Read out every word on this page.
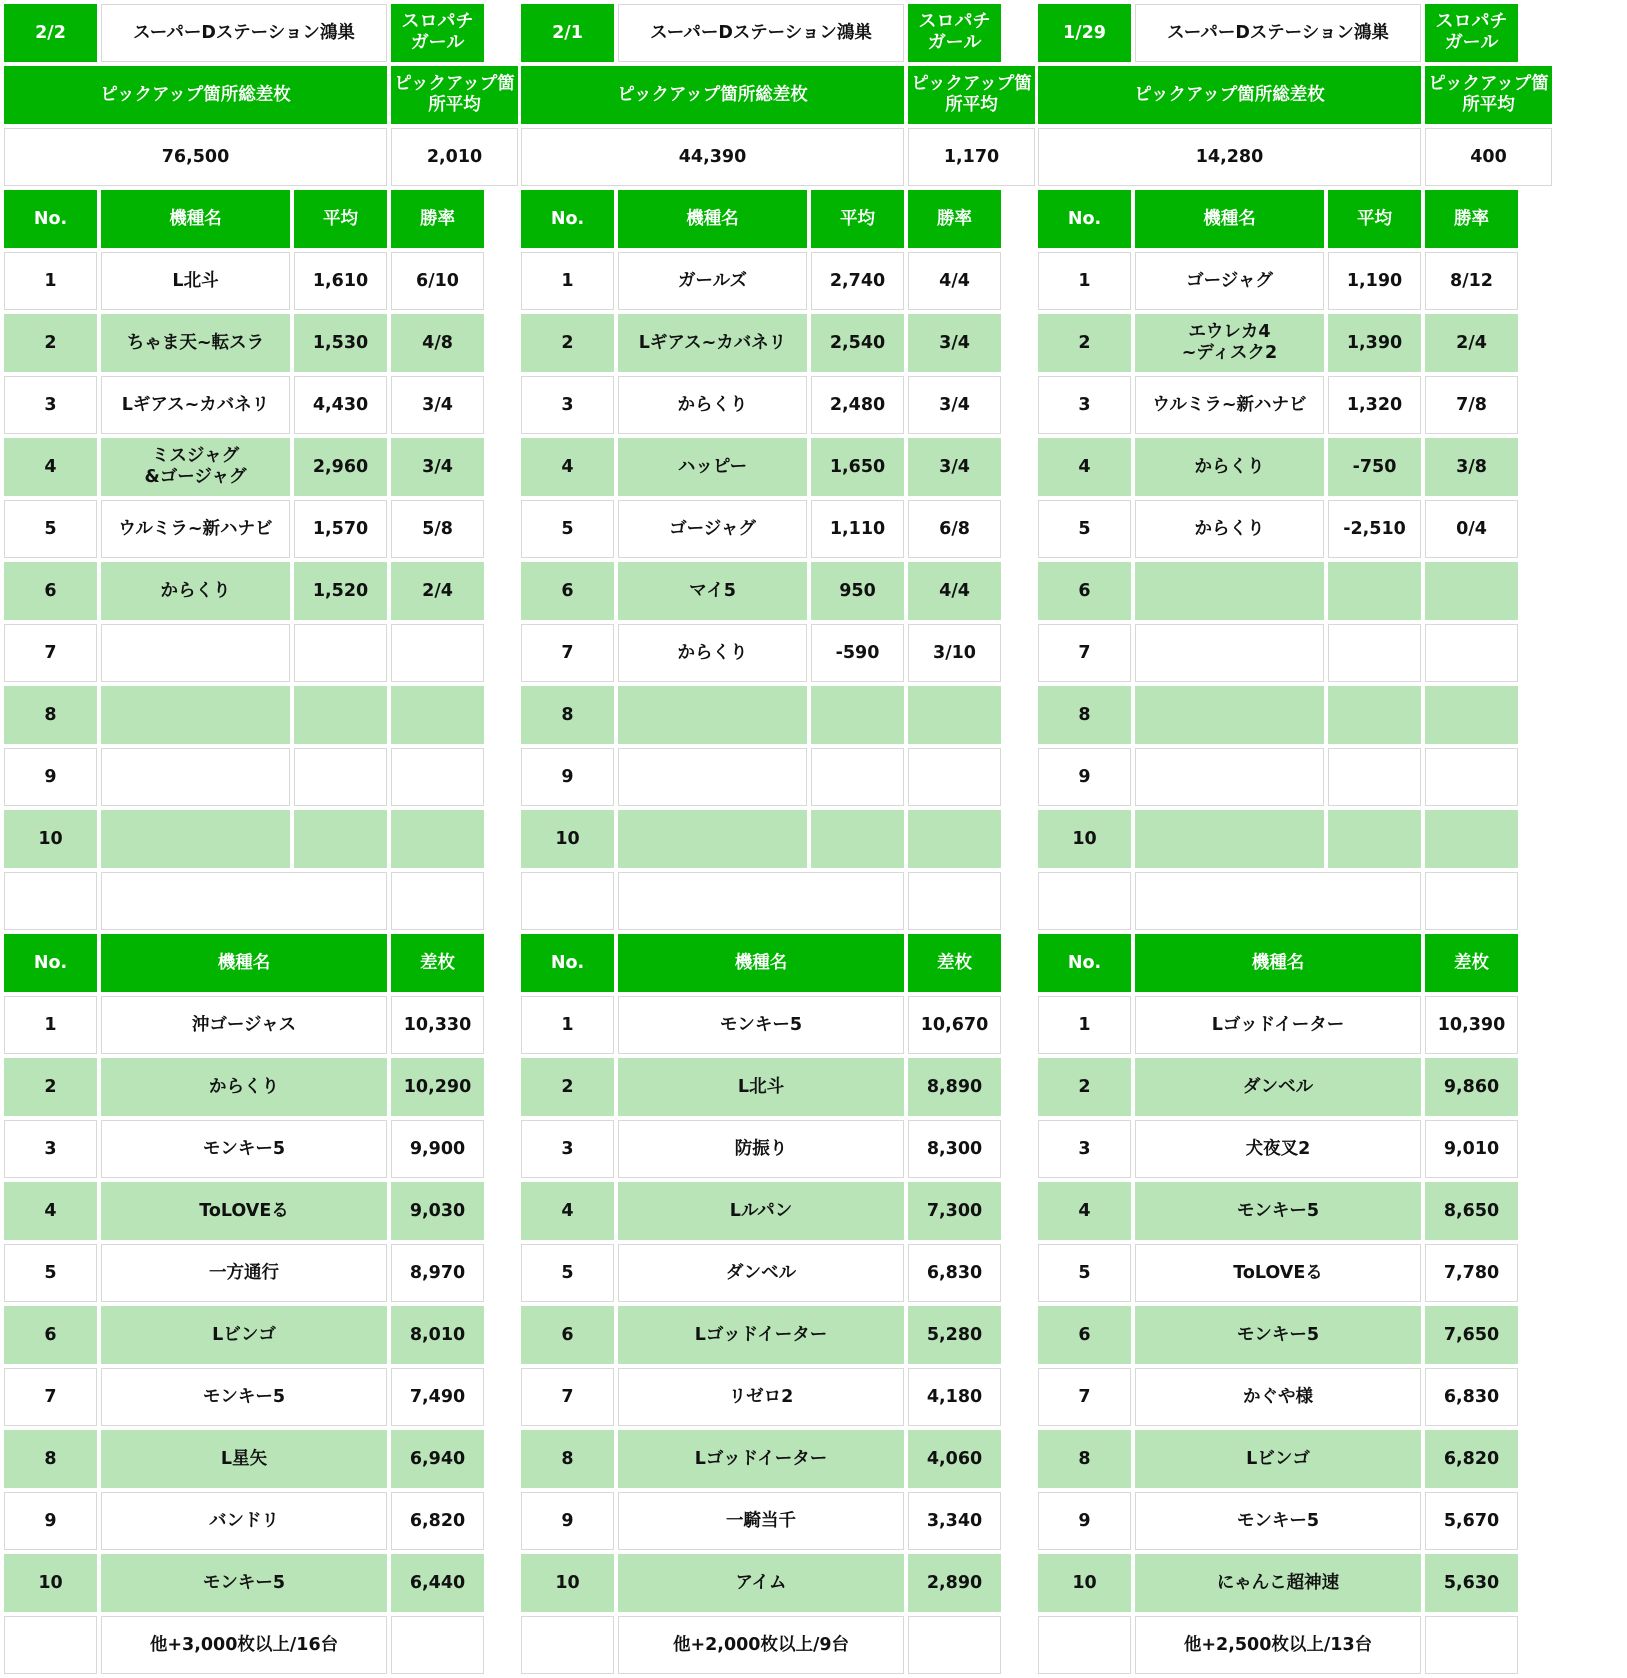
2/2	スーパーDステーション鴻巣		スロパチ
ガール
ピックアップ箇所総差枚			ピックアップ箇所平均
76,500			2,010
No.	機種名	平均	勝率
1	L北斗	1,610	6/10
2	ちゃま天~転スラ	1,530	4/8
3	Lギアス~カバネリ	4,430	3/4
4	ミスジャグ
&ゴージャグ	2,960	3/4
5	ウルミラ~新ハナビ	1,570	5/8
6	からくり	1,520	2/4
7			
8			
9			
10			

No.	機種名		差枚
1	沖ゴージャス		10,330
2	からくり		10,290
3	モンキー5		9,900
4	ToLOVEる		9,030
5	一方通行		8,970
6	Lビンゴ		8,010
7	モンキー5		7,490
8	L星矢		6,940
9	バンドリ		6,820
10	モンキー5		6,440
	他+3,000枚以上/16台		
2/1	スーパーDステーション鴻巣		スロパチ
ガール
ピックアップ箇所総差枚			ピックアップ箇所平均
44,390			1,170
No.	機種名	平均	勝率
1	ガールズ	2,740	4/4
2	Lギアス~カバネリ	2,540	3/4
3	からくり	2,480	3/4
4	ハッピー	1,650	3/4
5	ゴージャグ	1,110	6/8
6	マイ5	950	4/4
7	からくり	-590	3/10
8			
9			
10			

No.	機種名		差枚
1	モンキー5		10,670
2	L北斗		8,890
3	防振り		8,300
4	Lルパン		7,300
5	ダンベル		6,830
6	Lゴッドイーター		5,280
7	リゼロ2		4,180
8	Lゴッドイーター		4,060
9	一騎当千		3,340
10	アイム		2,890
	他+2,000枚以上/9台		
1/29	スーパーDステーション鴻巣		スロパチ
ガール
ピックアップ箇所総差枚			ピックアップ箇所平均
14,280			400
No.	機種名	平均	勝率
1	ゴージャグ	1,190	8/12
2	エウレカ4
~ディスク2	1,390	2/4
3	ウルミラ~新ハナビ	1,320	7/8
4	からくり	-750	3/8
5	からくり	-2,510	0/4
6			
7			
8			
9			
10			

No.	機種名		差枚
1	Lゴッドイーター		10,390
2	ダンベル		9,860
3	犬夜叉2		9,010
4	モンキー5		8,650
5	ToLOVEる		7,780
6	モンキー5		7,650
7	かぐや様		6,830
8	Lビンゴ		6,820
9	モンキー5		5,670
10	にゃんこ超神速		5,630
	他+2,500枚以上/13台		
